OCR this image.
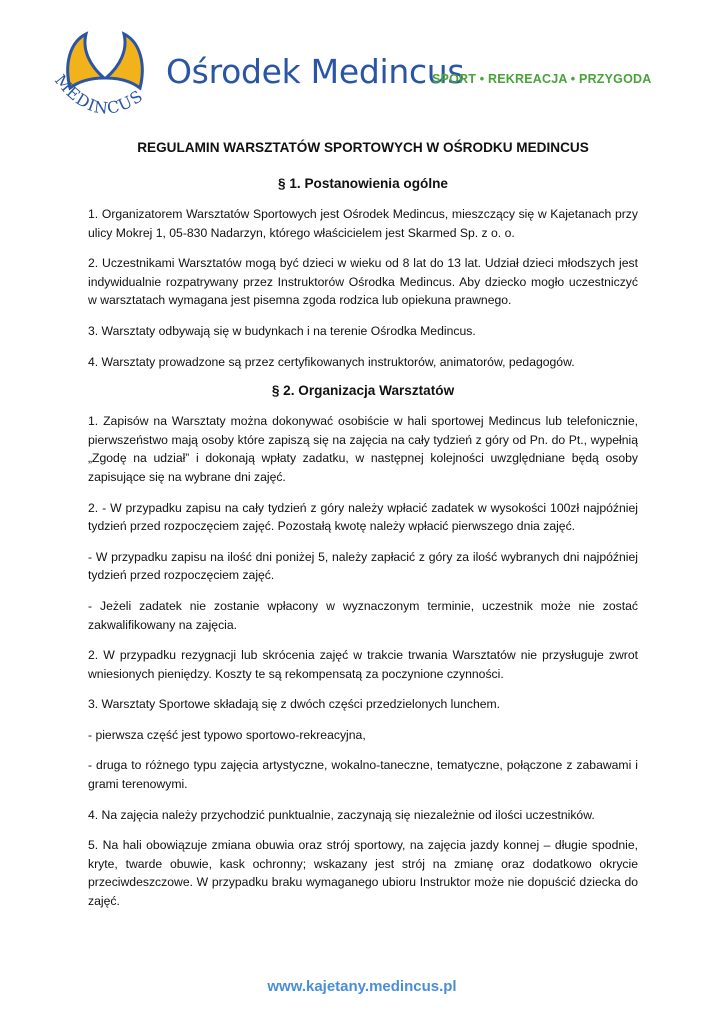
MEDINCUS
Ośrodek Medincus
SPORT • REKREACJA • PRZYGODA
REGULAMIN WARSZTATÓW SPORTOWYCH W OŚRODKU MEDINCUS
§ 1. Postanowienia ogólne

1. Organizatorem Warsztatów Sportowych jest Ośrodek Medincus, mieszczący się w Kajetanach przy ulicy Mokrej 1, 05-830 Nadarzyn, którego właścicielem jest Skarmed Sp. z o. o.

2. Uczestnikami Warsztatów mogą być dzieci w wieku od 8 lat do 13 lat. Udział dzieci młodszych jest indywidualnie rozpatrywany przez Instruktorów Ośrodka Medincus. Aby dziecko mogło uczestniczyć w warsztatach wymagana jest pisemna zgoda rodzica lub opiekuna prawnego.

3. Warsztaty odbywają się w budynkach i na terenie Ośrodka Medincus.

4. Warsztaty prowadzone są przez certyfikowanych instruktorów, animatorów, pedagogów.

§ 2. Organizacja Warsztatów

1. Zapisów na Warsztaty można dokonywać osobiście w hali sportowej Medincus lub telefonicznie, pierwszeństwo mają osoby które zapiszą się na zajęcia na cały tydzień z góry od Pn. do Pt., wypełnią „Zgodę na udział” i dokonają wpłaty zadatku, w następnej kolejności uwzględniane będą osoby zapisujące się na wybrane dni zajęć.

2. - W przypadku zapisu na cały tydzień z góry należy wpłacić zadatek w wysokości 100zł najpóźniej tydzień przed rozpoczęciem zajęć. Pozostałą kwotę należy wpłacić pierwszego dnia zajęć.

- W przypadku zapisu na ilość dni poniżej 5, należy zapłacić z góry za ilość wybranych dni najpóźniej tydzień przed rozpoczęciem zajęć.

- Jeżeli zadatek nie zostanie wpłacony w wyznaczonym terminie, uczestnik może nie zostać zakwalifikowany na zajęcia.

2. W przypadku rezygnacji lub skrócenia zajęć w trakcie trwania Warsztatów nie przysługuje zwrot wniesionych pieniędzy. Koszty te są rekompensatą za poczynione czynności.

3. Warsztaty Sportowe składają się z dwóch części przedzielonych lunchem.

- pierwsza część jest typowo sportowo-rekreacyjna,

- druga to różnego typu zajęcia artystyczne, wokalno-taneczne, tematyczne, połączone z zabawami i grami terenowymi.

4. Na zajęcia należy przychodzić punktualnie, zaczynają się niezależnie od ilości uczestników.

5. Na hali obowiązuje zmiana obuwia oraz strój sportowy, na zajęcia jazdy konnej – długie spodnie, kryte, twarde obuwie, kask ochronny; wskazany jest strój na zmianę oraz dodatkowo okrycie przeciwdeszczowe. W przypadku braku wymaganego ubioru Instruktor może nie dopuścić dziecka do zajęć.

www.kajetany.medincus.pl
